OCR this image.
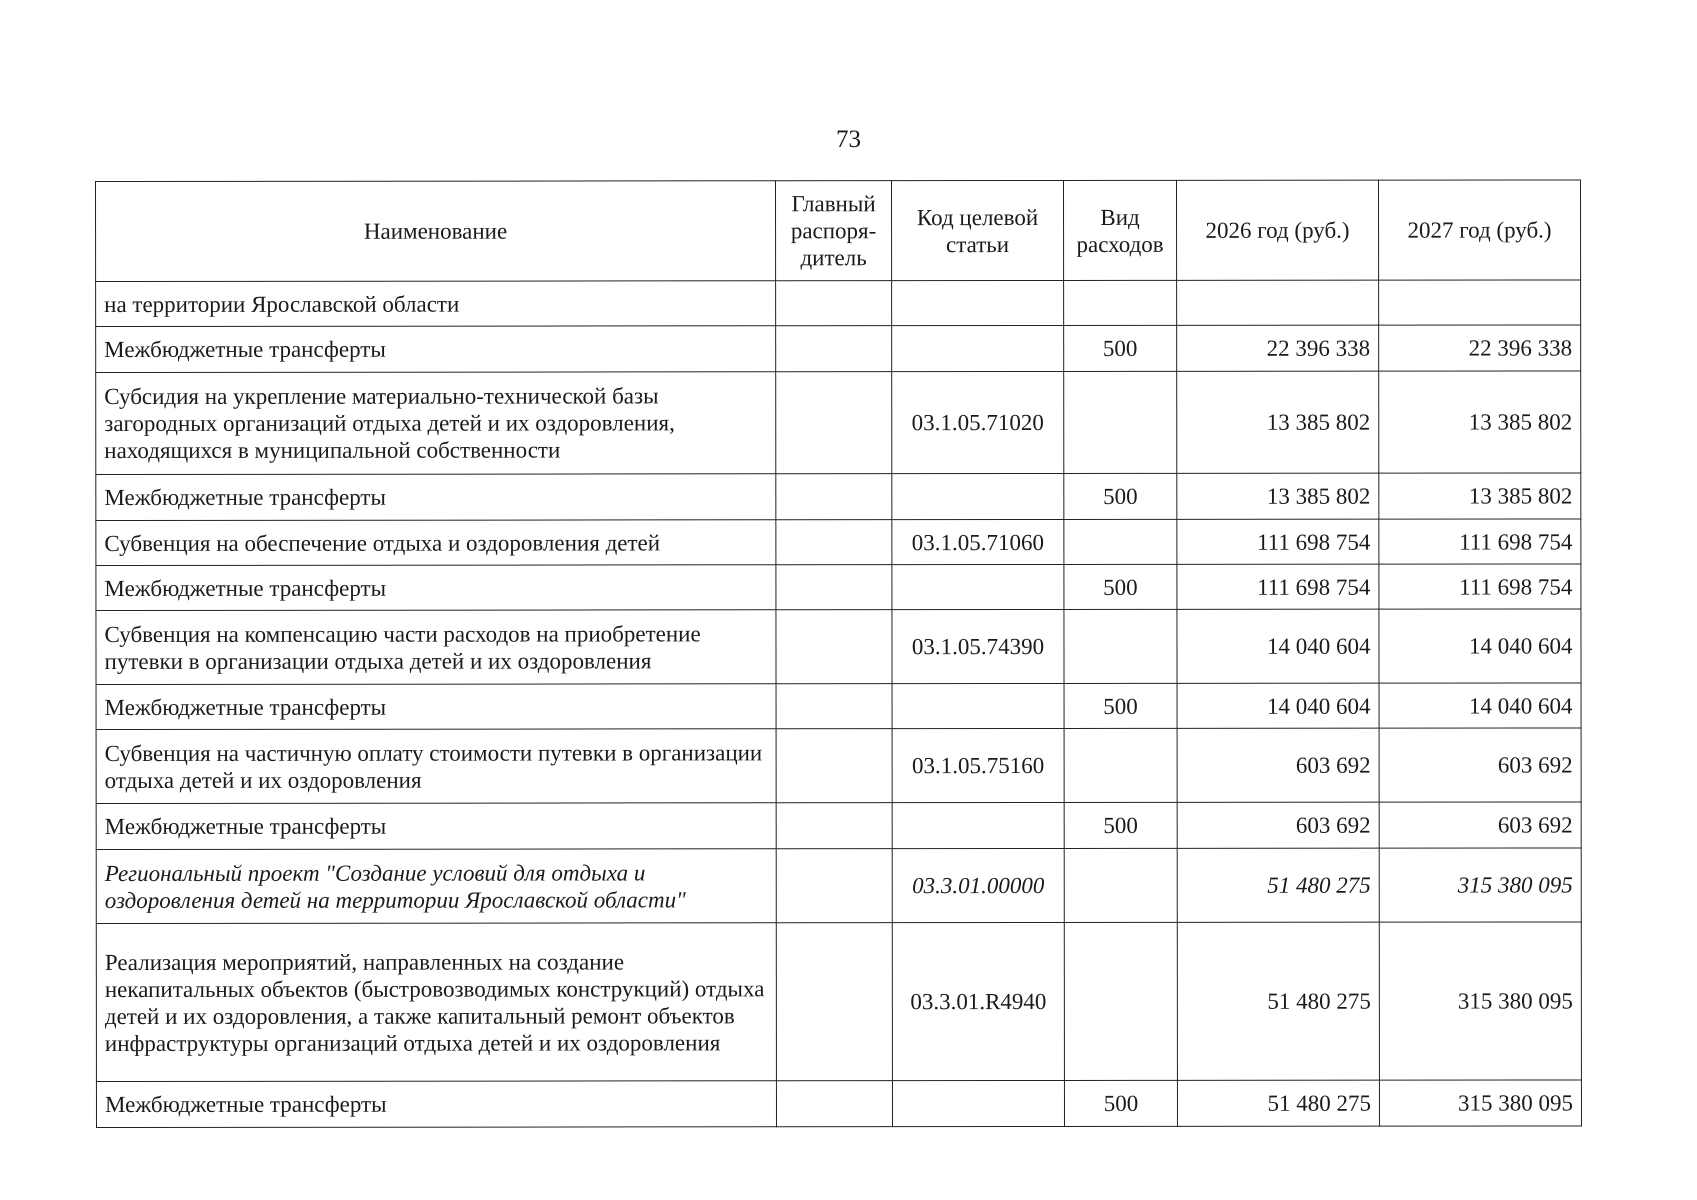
73
Наименование	Главный распоря-дитель	Код целевой статьи	Вид расходов	2026 год (руб.)	2027 год (руб.)
на территории Ярославской области					
Межбюджетные трансферты			500	22 396 338	22 396 338
Субсидия на укрепление материально-технической базы загородных организаций отдыха детей и их оздоровления, находящихся в муниципальной собственности		03.1.05.71020		13 385 802	13 385 802
Межбюджетные трансферты			500	13 385 802	13 385 802
Субвенция на обеспечение отдыха и оздоровления детей		03.1.05.71060		111 698 754	111 698 754
Межбюджетные трансферты			500	111 698 754	111 698 754
Субвенция на компенсацию части расходов на приобретение путевки в организации отдыха детей и их оздоровления		03.1.05.74390		14 040 604	14 040 604
Межбюджетные трансферты			500	14 040 604	14 040 604
Субвенция на частичную оплату стоимости путевки в организации отдыха детей и их оздоровления		03.1.05.75160		603 692	603 692
Межбюджетные трансферты			500	603 692	603 692
Региональный проект "Создание условий для отдыха и оздоровления детей на территории Ярославской области"		03.3.01.00000		51 480 275	315 380 095
Реализация мероприятий, направленных на создание некапитальных объектов (быстровозводимых конструкций) отдыха детей и их оздоровления, а также капитальный ремонт объектов инфраструктуры организаций отдыха детей и их оздоровления		03.3.01.R4940		51 480 275	315 380 095
Межбюджетные трансферты			500	51 480 275	315 380 095
